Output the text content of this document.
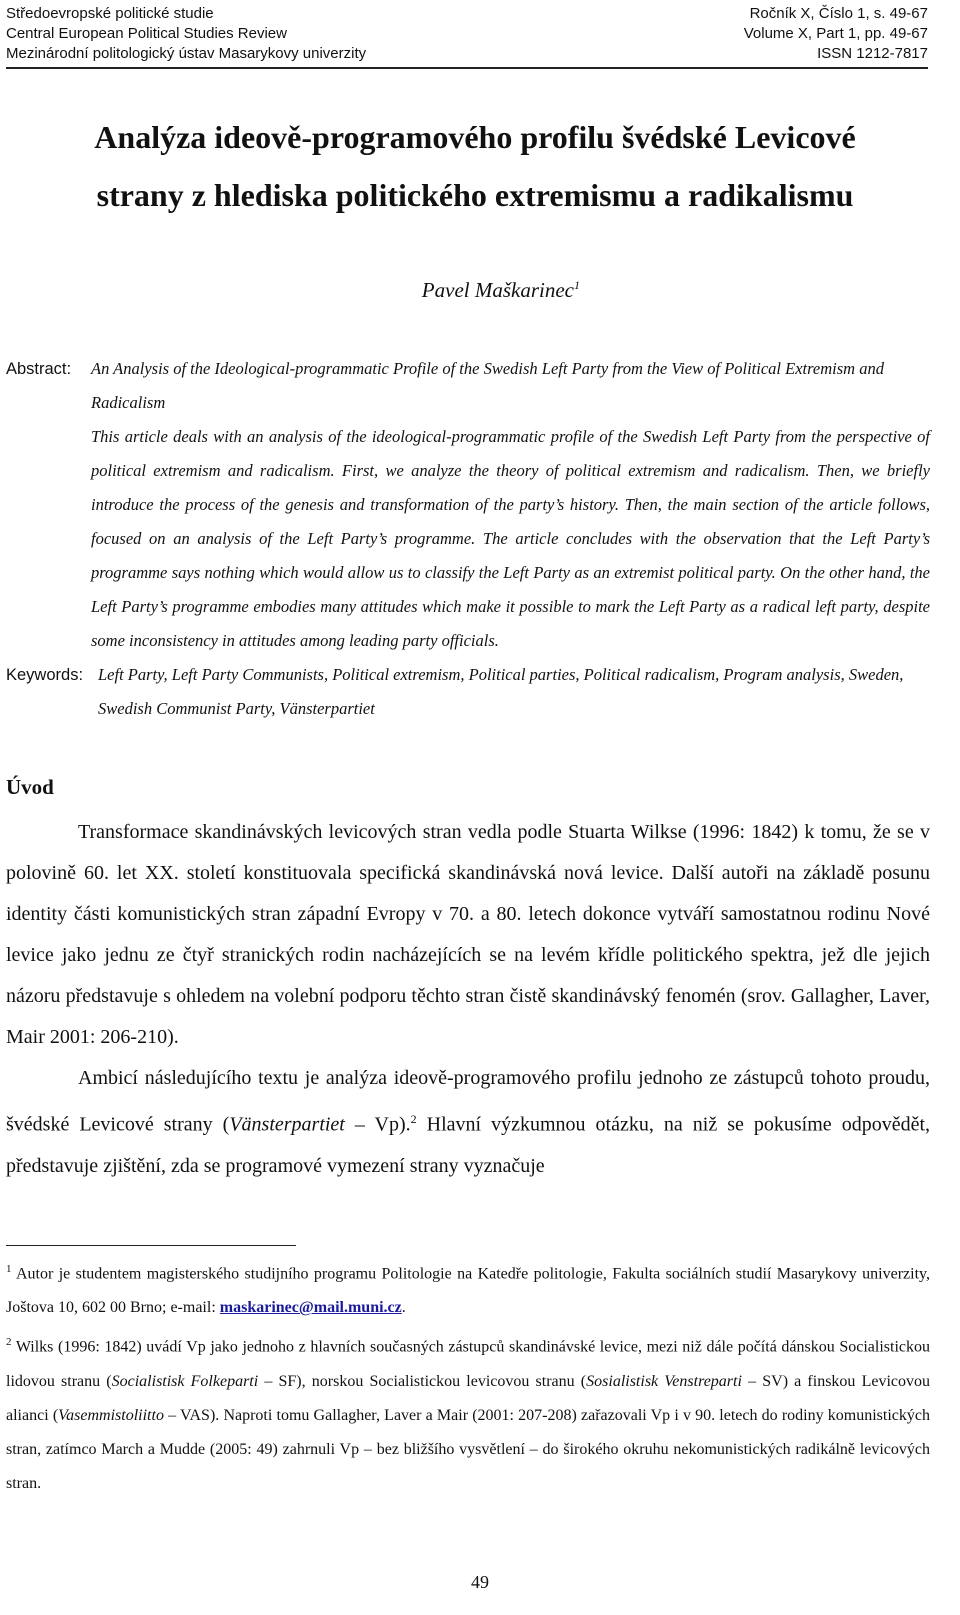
Středoevropské politické studie	Ročník X, Číslo 1, s. 49-67
Central European Political Studies Review	Volume X, Part 1, pp. 49-67
Mezinárodní politologický ústav Masarykovy univerzity	ISSN 1212-7817
Analýza ideově-programového profilu švédské Levicové
strany z hlediska politického extremismu a radikalismu
Pavel Maškarinec$^1$
Abstract:	An Analysis of the Ideological-programmatic Profile of the Swedish Left Party from the View of Political Extremism and Radicalism
This article deals with an analysis of the ideological-programmatic profile of the Swedish Left Party from the perspective of political extremism and radicalism. First, we analyze the theory of political extremism and radicalism. Then, we briefly introduce the process of the genesis and transformation of the party’s history. Then, the main section of the article follows, focused on an analysis of the Left Party’s programme. The article concludes with the observation that the Left Party’s programme says nothing which would allow us to classify the Left Party as an extremist political party. On the other hand, the Left Party’s programme embodies many attitudes which make it possible to mark the Left Party as a radical left party, despite some inconsistency in attitudes among leading party officials.
Keywords: Left Party, Left Party Communists, Political extremism, Political parties, Political radicalism, Program analysis, Sweden, Swedish Communist Party, Vänsterpartiet
Úvod

Transformace skandinávských levicových stran vedla podle Stuarta Wilkse (1996: 1842) k tomu, že se v polovině 60. let XX. století konstituovala specifická skandinávská nová levice. Další autoři na základě posunu identity části komunistických stran západní Evropy v 70. a 80. letech dokonce vytváří samostatnou rodinu Nové levice jako jednu ze čtyř stranických rodin nacházejících se na levém křídle politického spektra, jež dle jejich názoru představuje s ohledem na volební podporu těchto stran čistě skandinávský fenomén (srov. Gallagher, Laver, Mair 2001: 206-210).

Ambicí následujícího textu je analýza ideově-programového profilu jednoho ze zástupců tohoto proudu, švédské Levicové strany (Vänsterpartiet – Vp).$^2$ Hlavní výzkumnou otázku, na niž se pokusíme odpovědět, představuje zjištění, zda se programové vymezení strany vyznačuje

$^1$ Autor je studentem magisterského studijního programu Politologie na Katedře politologie, Fakulta sociálních studií Masarykovy univerzity, Joštova 10, 602 00 Brno; e-mail: maskarinec@mail.muni.cz.

$^2$ Wilks (1996: 1842) uvádí Vp jako jednoho z hlavních současných zástupců skandinávské levice, mezi niž dále počítá dánskou Socialistickou lidovou stranu (Socialistisk Folkeparti – SF), norskou Socialistickou levicovou stranu (Sosialistisk Venstreparti – SV) a finskou Levicovou alianci (Vasemmistoliitto – VAS). Naproti tomu Gallagher, Laver a Mair (2001: 207-208) zařazovali Vp i v 90. letech do rodiny komunistických stran, zatímco March a Mudde (2005: 49) zahrnuli Vp – bez bližšího vysvětlení – do širokého okruhu nekomunistických radikálně levicových stran.

49
